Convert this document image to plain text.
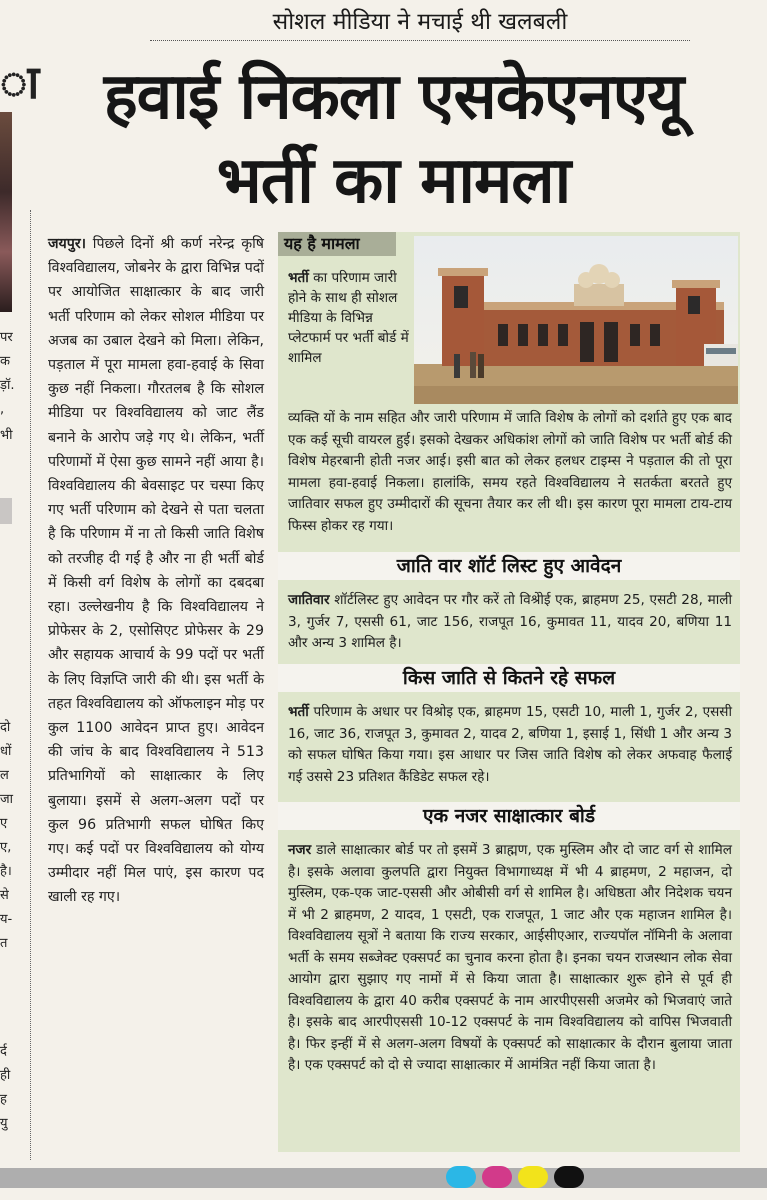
सोशल मीडिया ने मचाई थी खलबली
हवाई निकला एसकेएनएयू
भर्ती का मामला
ा
पर
क
ड़ॉ.
,
भी
दो
धों
ल
जा
ए
ए,
है।
से
य-
त
र्द
ही
ह
यु
जयपुर। पिछले दिनों श्री कर्ण नरेन्द्र कृषि विश्वविद्यालय, जोबनेर के द्वारा विभिन्न पदों पर आयोजित साक्षात्कार के बाद जारी भर्ती परिणाम को लेकर सोशल मीडिया पर अजब का उबाल देखने को मिला। लेकिन, पड़ताल में पूरा मामला हवा-हवाई के सिवा कुछ नहीं निकला। गौरतलब है कि सोशल मीडिया पर विश्वविद्यालय को जाट लैंड बनाने के आरोप जड़े गए थे। लेकिन, भर्ती परिणामों में ऐसा कुछ सामने नहीं आया है। विश्वविद्यालय की बेवसाइट पर चस्पा किए गए भर्ती परिणाम को देखने से पता चलता है कि परिणाम में ना तो किसी जाति विशेष को तरजीह दी गई है और ना ही भर्ती बोर्ड में किसी वर्ग विशेष के लोगों का दबदबा रहा। उल्लेखनीय है कि विश्वविद्यालय ने प्रोफेसर के 2, एसोसिएट प्रोफेसर के 29 और सहायक आचार्य के 99 पदों पर भर्ती के लिए विज्ञप्ति जारी की थी। इस भर्ती के तहत विश्वविद्यालय को ऑफलाइन मोड़ पर कुल 1100 आवेदन प्राप्त हुए। आवेदन की जांच के बाद विश्वविद्यालय ने 513 प्रतिभागियों को साक्षात्कार के लिए बुलाया। इसमें से अलग-अलग पदों पर कुल 96 प्रतिभागी सफल घोषित किए गए। कई पदों पर विश्वविद्यालय को योग्य उम्मीदार नहीं मिल पाएं, इस कारण पद खाली रह गए।
यह है मामला
भर्ती का परिणाम जारी होने के साथ ही सोशल मीडिया के विभिन्न प्लेटफार्म पर भर्ती बोर्ड में शामिल
व्यक्ति यों के नाम सहित और जारी परिणाम में जाति विशेष के लोगों को दर्शाते हुए एक बाद एक कई सूची वायरल हुई। इसको देखकर अधिकांश लोगों को जाति विशेष पर भर्ती बोर्ड की विशेष मेहरबानी होती नजर आई। इसी बात को लेकर हलधर टाइम्स ने पड़ताल की तो पूरा मामला हवा-हवाई निकला। हालांकि, समय रहते विश्वविद्यालय ने सतर्कता बरतते हुए जातिवार सफल हुए उम्मीदारों की सूचना तैयार कर ली थी। इस कारण पूरा मामला टाय-टाय फिस्स होकर रह गया।
जाति वार शॉर्ट लिस्ट हुए आवेदन
जातिवार शॉर्टलिस्ट हुए आवेदन पर गौर करें तो विश्रेोई एक, ब्राहमण 25, एसटी 28, माली 3, गुर्जर 7, एससी 61, जाट 156, राजपूत 16, कुमावत 11, यादव 20, बणिया 11 और अन्य 3 शामिल है।
किस जाति से कितने रहे सफल
भर्ती परिणाम के अधार पर विश्रोइ एक, ब्राहमण 15, एसटी 10, माली 1, गुर्जर 2, एससी 16, जाट 36, राजपूत 3, कुमावत 2, यादव 2, बणिया 1, इसाई 1, सिंधी 1 और अन्य 3 को सफल घोषित किया गया। इस आधार पर जिस जाति विशेष को लेकर अफवाह फैलाई गई उससे 23 प्रतिशत कैंडिडेट सफल रहे।
एक नजर साक्षात्कार बोर्ड
नजर डाले साक्षात्कार बोर्ड पर तो इसमें 3 ब्राह्मण, एक मुस्लिम और दो जाट वर्ग से शामिल है। इसके अलावा कुलपति द्वारा नियुक्त विभागाध्यक्ष में भी 4 ब्राहमण, 2 महाजन, दो मुस्लिम, एक-एक जाट-एससी और ओबीसी वर्ग से शामिल है। अधिष्ठता और निदेशक चयन में भी 2 ब्राहमण, 2 यादव, 1 एसटी, एक राजपूत, 1 जाट और एक महाजन शामिल है। विश्वविद्यालय सूत्रों ने बताया कि राज्य सरकार, आईसीएआर, राज्यपॉल नॉमिनी के अलावा भर्ती के समय सब्जेक्ट एक्सपर्ट का चुनाव करना होता है। इनका चयन राजस्थान लोक सेवा आयोग द्वारा सुझाए गए नामों में से किया जाता है। साक्षात्कार शुरू होने से पूर्व ही विश्वविद्यालय के द्वारा 40 करीब एक्सपर्ट के नाम आरपीएससी अजमेर को भिजवाएं जाते है। इसके बाद आरपीएससी 10-12 एक्सपर्ट के नाम विश्वविद्यालय को वापिस भिजवाती है। फिर इन्हीं में से अलग-अलग विषयों के एक्सपर्ट को साक्षात्कार के दौरान बुलाया जाता है। एक एक्सपर्ट को दो से ज्यादा साक्षात्कार में आमंत्रित नहीं किया जाता है।
